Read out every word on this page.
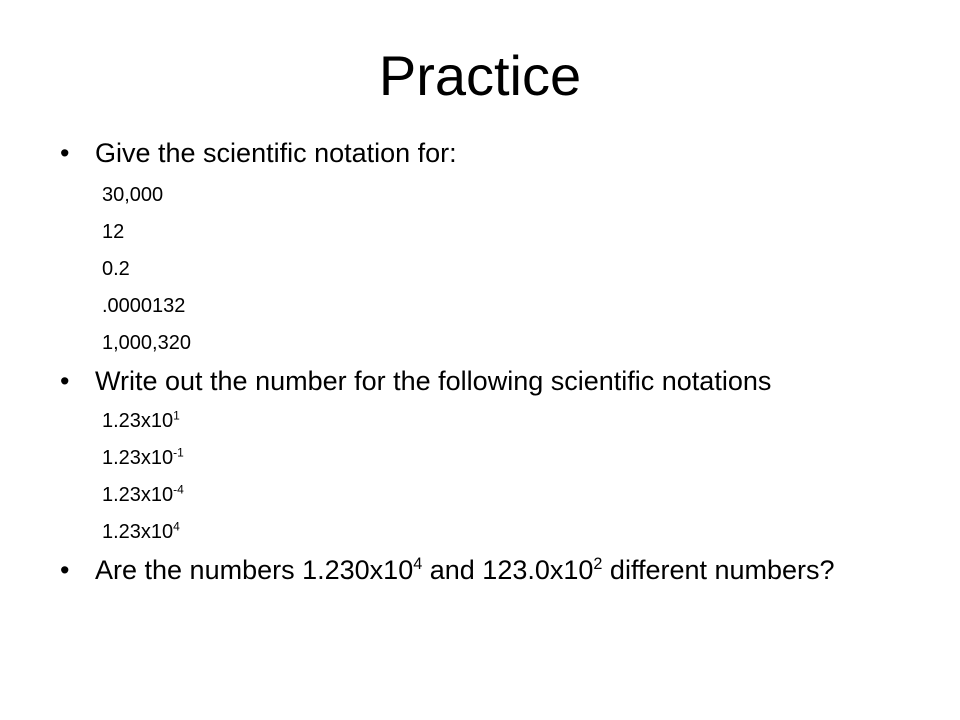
Practice
• Give the scientific notation for:
30,000
12
0.2
.0000132
1,000,320
• Write out the number for the following scientific notations
$1.23x10^1$
$1.23x10^{-1}$
$1.23x10^{-4}$
$1.23x10^4$
• Are the numbers $1.230x10^4$ and $123.0x10^2$ different numbers?
